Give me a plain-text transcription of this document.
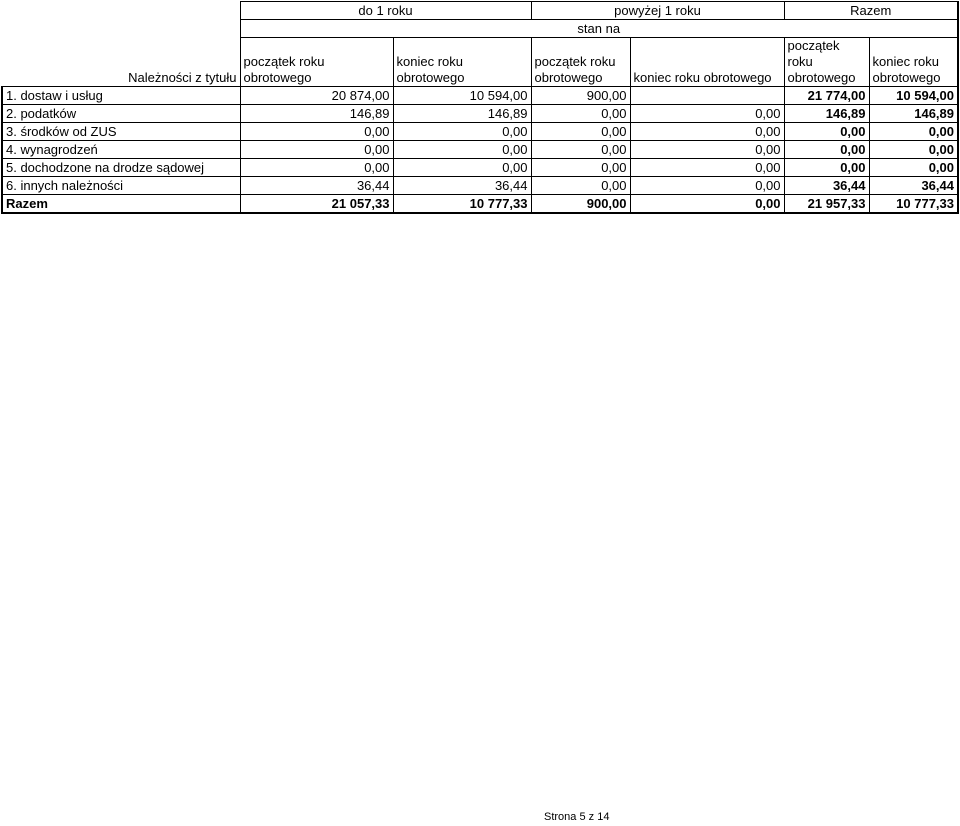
	do 1 roku		powyżej 1 roku		Razem	
	stan na					
Należności z tytułu	początek roku obrotowego	koniec roku obrotowego	początek roku obrotowego	koniec roku obrotowego	początek roku obrotowego	koniec roku obrotowego
1. dostaw i usług	20 874,00	10 594,00	900,00		21 774,00	10 594,00
2. podatków	146,89	146,89	0,00	0,00	146,89	146,89
3. środków od ZUS	0,00	0,00	0,00	0,00	0,00	0,00
4. wynagrodzeń	0,00	0,00	0,00	0,00	0,00	0,00
5. dochodzone na drodze sądowej	0,00	0,00	0,00	0,00	0,00	0,00
6. innych należności	36,44	36,44	0,00	0,00	36,44	36,44
Razem	21 057,33	10 777,33	900,00	0,00	21 957,33	10 777,33
Strona 5 z 14
